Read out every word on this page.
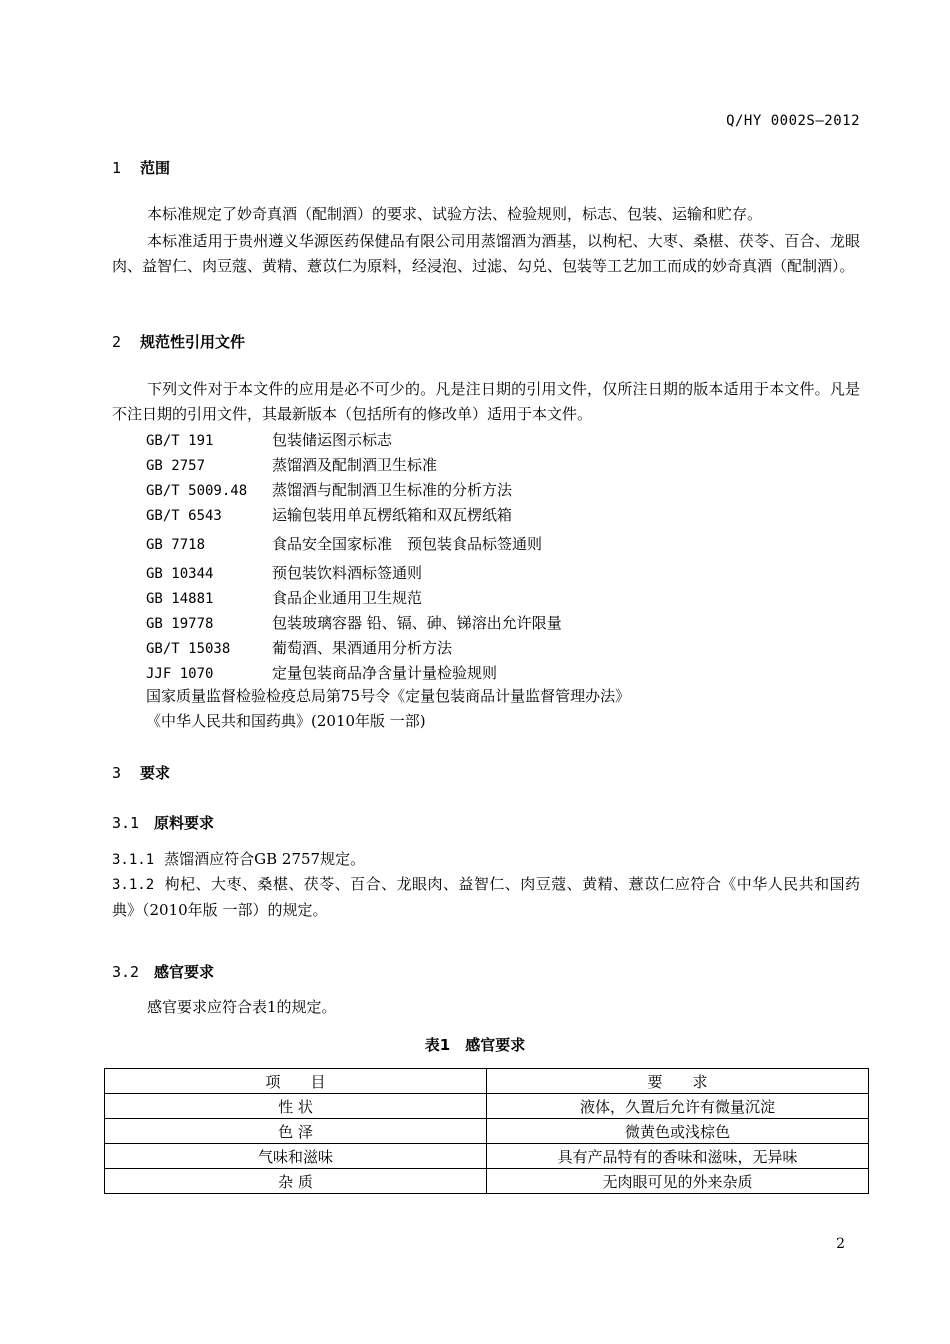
Q/HY 0002S—2012
1 范围

本标准规定了妙奇真酒（配制酒）的要求、试验方法、检验规则，标志、包装、运输和贮存。

本标准适用于贵州遵义华源医药保健品有限公司用蒸馏酒为酒基，以枸杞、大枣、桑椹、茯苓、百合、龙眼肉、益智仁、肉豆蔻、黄精、薏苡仁为原料，经浸泡、过滤、勾兑、包装等工艺加工而成的妙奇真酒（配制酒）。

2 规范性引用文件

下列文件对于本文件的应用是必不可少的。凡是注日期的引用文件，仅所注日期的版本适用于本文件。凡是不注日期的引用文件，其最新版本（包括所有的修改单）适用于本文件。

GB/T 191	包装储运图示标志
GB 2757	蒸馏酒及配制酒卫生标准
GB/T 5009.48 蒸馏酒与配制酒卫生标准的分析方法
GB/T 6543	运输包装用单瓦楞纸箱和双瓦楞纸箱
GB 7718	食品安全国家标准　预包装食品标签通则
GB 10344	预包装饮料酒标签通则
GB 14881	食品企业通用卫生规范
GB 19778	包装玻璃容器 铅、镉、砷、锑溶出允许限量
GB/T 15038	葡萄酒、果酒通用分析方法
JJF 1070	定量包装商品净含量计量检验规则
国家质量监督检验检疫总局第75号令《定量包装商品计量监督管理办法》
《中华人民共和国药典》(2010年版 一部)
3 要求
3.1 原料要求

3.1.1 蒸馏酒应符合GB 2757规定。

3.1.2 枸杞、大枣、桑椹、茯苓、百合、龙眼肉、益智仁、肉豆蔻、黄精、薏苡仁应符合《中华人民共和国药典》（2010年版 一部）的规定。

3.2 感官要求

感官要求应符合表1的规定。

表1　感官要求
项　　目	要　　求
性 状	液体，久置后允许有微量沉淀
色 泽	微黄色或浅棕色
气味和滋味	具有产品特有的香味和滋味，无异味
杂 质	无肉眼可见的外来杂质
2
